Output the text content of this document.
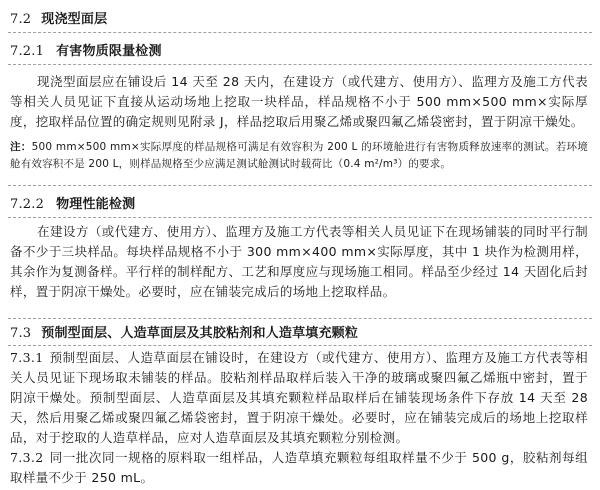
7.2 现浇型面层
7.2.1 有害物质限量检测
现浇型面层应在铺设后 14 天至 28 天内，在建设方（或代建方、使用方）、监理方及施工方代表等相关人员见证下直接从运动场地上挖取一块样品，样品规格不小于 500 mm×500 mm×实际厚度，挖取样品位置的确定规则见附录 J，样品挖取后用聚乙烯或聚四氟乙烯袋密封，置于阴凉干燥处。
注：500 mm×500 mm×实际厚度的样品规格可满足有效容积为 200 L 的环境舱进行有害物质释放速率的测试。若环境舱有效容积不是 200 L，则样品规格至少应满足测试舱测试时载荷比（0.4 m²/m³）的要求。
7.2.2 物理性能检测
在建设方（或代建方、使用方）、监理方及施工方代表等相关人员见证下在现场铺装的同时平行制备不少于三块样品。每块样品规格不小于 300 mm×400 mm×实际厚度，其中 1 块作为检测用样，其余作为复测备样。平行样的制样配方、工艺和厚度应与现场施工相同。样品至少经过 14 天固化后封样，置于阴凉干燥处。必要时，应在铺装完成后的场地上挖取样品。
7.3 预制型面层、人造草面层及其胶粘剂和人造草填充颗粒
7.3.1 预制型面层、人造草面层在铺设时，在建设方（或代建方、使用方）、监理方及施工方代表等相关人员见证下现场取未铺装的样品。胶粘剂样品取样后装入干净的玻璃或聚四氟乙烯瓶中密封，置于阴凉干燥处。预制型面层、人造草面层及其填充颗粒样品取样后在铺装现场条件下存放 14 天至 28 天，然后用聚乙烯或聚四氟乙烯袋密封，置于阴凉干燥处。必要时，应在铺装完成后的场地上挖取样品，对于挖取的人造草样品，应对人造草面层及其填充颗粒分别检测。
7.3.2 同一批次同一规格的原料取一组样品，人造草填充颗粒每组取样量不少于 500 g，胶粘剂每组取样量不少于 250 mL。
